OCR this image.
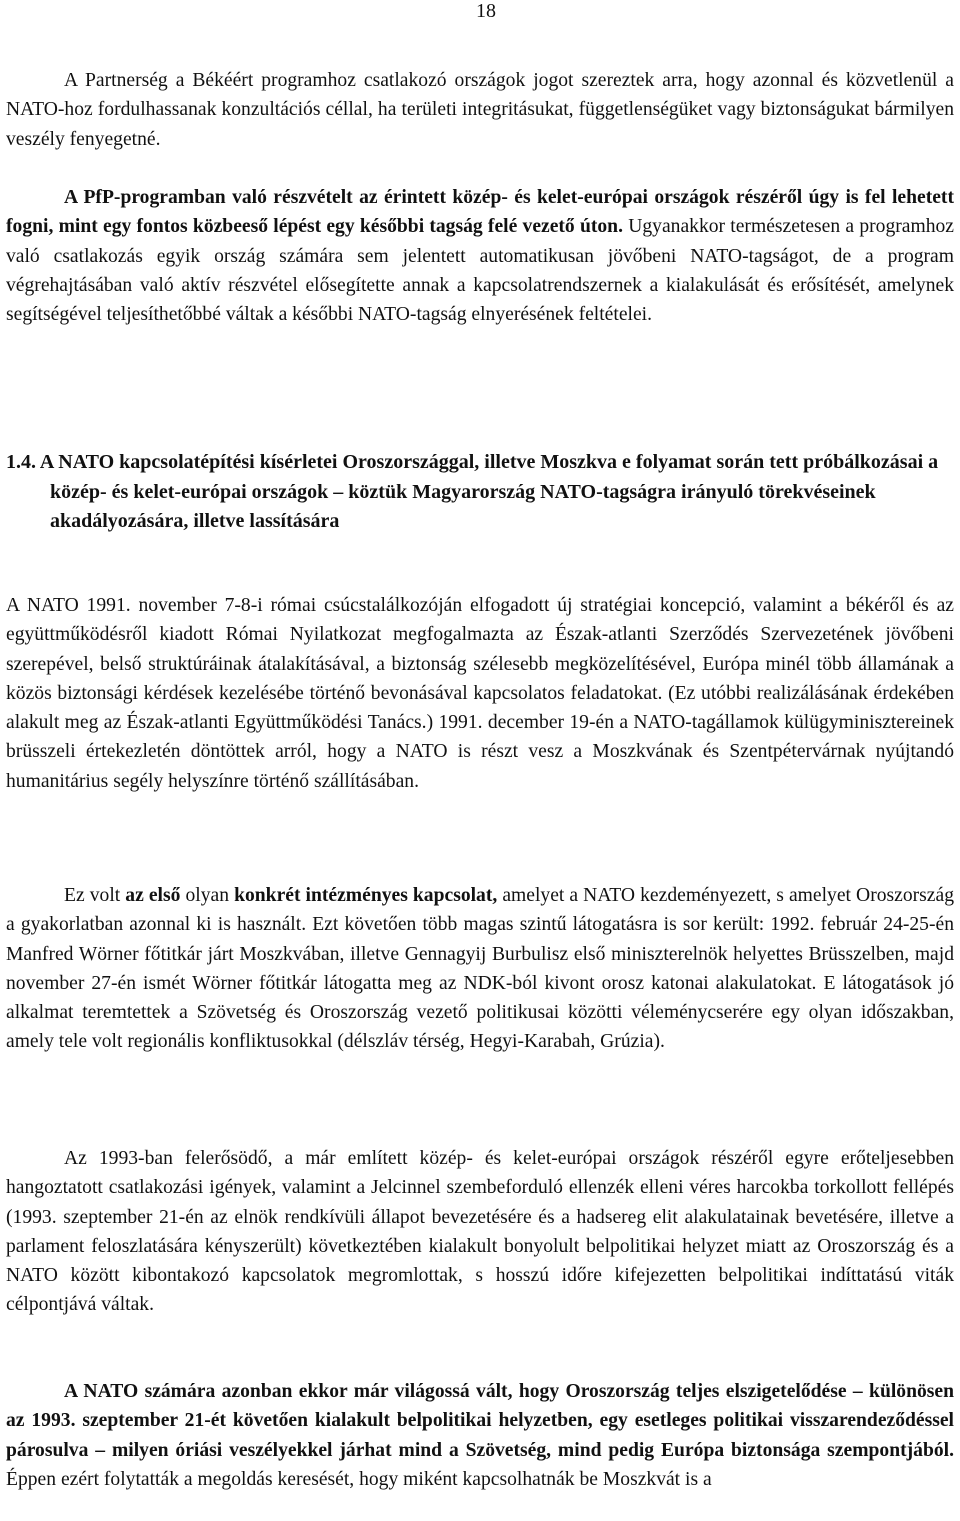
18

A Partnerség a Békéért programhoz csatlakozó országok jogot szereztek arra, hogy azonnal és közvetlenül a NATO-hoz fordulhassanak konzultációs céllal, ha területi integritásukat, függetlenségüket vagy biztonságukat bármilyen veszély fenyegetné.

A PfP-programban való részvételt az érintett közép- és kelet-európai országok részéről úgy is fel lehetett fogni, mint egy fontos közbeeső lépést egy későbbi tagság felé vezető úton. Ugyanakkor természetesen a programhoz való csatlakozás egyik ország számára sem jelentett automatikusan jövőbeni NATO-tagságot, de a program végrehajtásában való aktív részvétel elősegítette annak a kapcsolatrendszernek a kialakulását és erősítését, amelynek segítségével teljesíthetőbbé váltak a későbbi NATO-tagság elnyerésének feltételei.

1.4. A NATO kapcsolatépítési kísérletei Oroszországgal, illetve Moszkva e folyamat során tett próbálkozásai a közép- és kelet-európai országok – köztük Magyarország NATO-tagságra irányuló törekvéseinek akadályozására, illetve lassítására

A NATO 1991. november 7-8-i római csúcstalálkozóján elfogadott új stratégiai koncepció, valamint a békéről és az együttműködésről kiadott Római Nyilatkozat megfogalmazta az Észak-atlanti Szerződés Szervezetének jövőbeni szerepével, belső struktúráinak átalakításával, a biztonság szélesebb megközelítésével, Európa minél több államának a közös biztonsági kérdések kezelésébe történő bevonásával kapcsolatos feladatokat. (Ez utóbbi realizálásának érdekében alakult meg az Észak-atlanti Együttműködési Tanács.) 1991. december 19-én a NATO-tagállamok külügyminisztereinek brüsszeli értekezletén döntöttek arról, hogy a NATO is részt vesz a Moszkvának és Szentpétervárnak nyújtandó humanitárius segély helyszínre történő szállításában.

Ez volt az első olyan konkrét intézményes kapcsolat, amelyet a NATO kezdeményezett, s amelyet Oroszország a gyakorlatban azonnal ki is használt. Ezt követően több magas szintű látogatásra is sor került: 1992. február 24-25-én Manfred Wörner főtitkár járt Moszkvában, illetve Gennagyij Burbulisz első miniszterelnök helyettes Brüsszelben, majd november 27-én ismét Wörner főtitkár látogatta meg az NDK-ból kivont orosz katonai alakulatokat. E látogatások jó alkalmat teremtettek a Szövetség és Oroszország vezető politikusai közötti véleménycserére egy olyan időszakban, amely tele volt regionális konfliktusokkal (délszláv térség, Hegyi-Karabah, Grúzia).

Az 1993-ban felerősödő, a már említett közép- és kelet-európai országok részéről egyre erőteljesebben hangoztatott csatlakozási igények, valamint a Jelcinnel szembeforduló ellenzék elleni véres harcokba torkollott fellépés (1993. szeptember 21-én az elnök rendkívüli állapot bevezetésére és a hadsereg elit alakulatainak bevetésére, illetve a parlament feloszlatására kényszerült) következtében kialakult bonyolult belpolitikai helyzet miatt az Oroszország és a NATO között kibontakozó kapcsolatok megromlottak, s hosszú időre kifejezetten belpolitikai indíttatású viták célpontjává váltak.

A NATO számára azonban ekkor már világossá vált, hogy Oroszország teljes elszigetelődése – különösen az 1993. szeptember 21-ét követően kialakult belpolitikai helyzetben, egy esetleges politikai visszarendeződéssel párosulva – milyen óriási veszélyekkel járhat mind a Szövetség, mind pedig Európa biztonsága szempontjából. Éppen ezért folytatták a megoldás keresését, hogy miként kapcsolhatnák be Moszkvát is a
